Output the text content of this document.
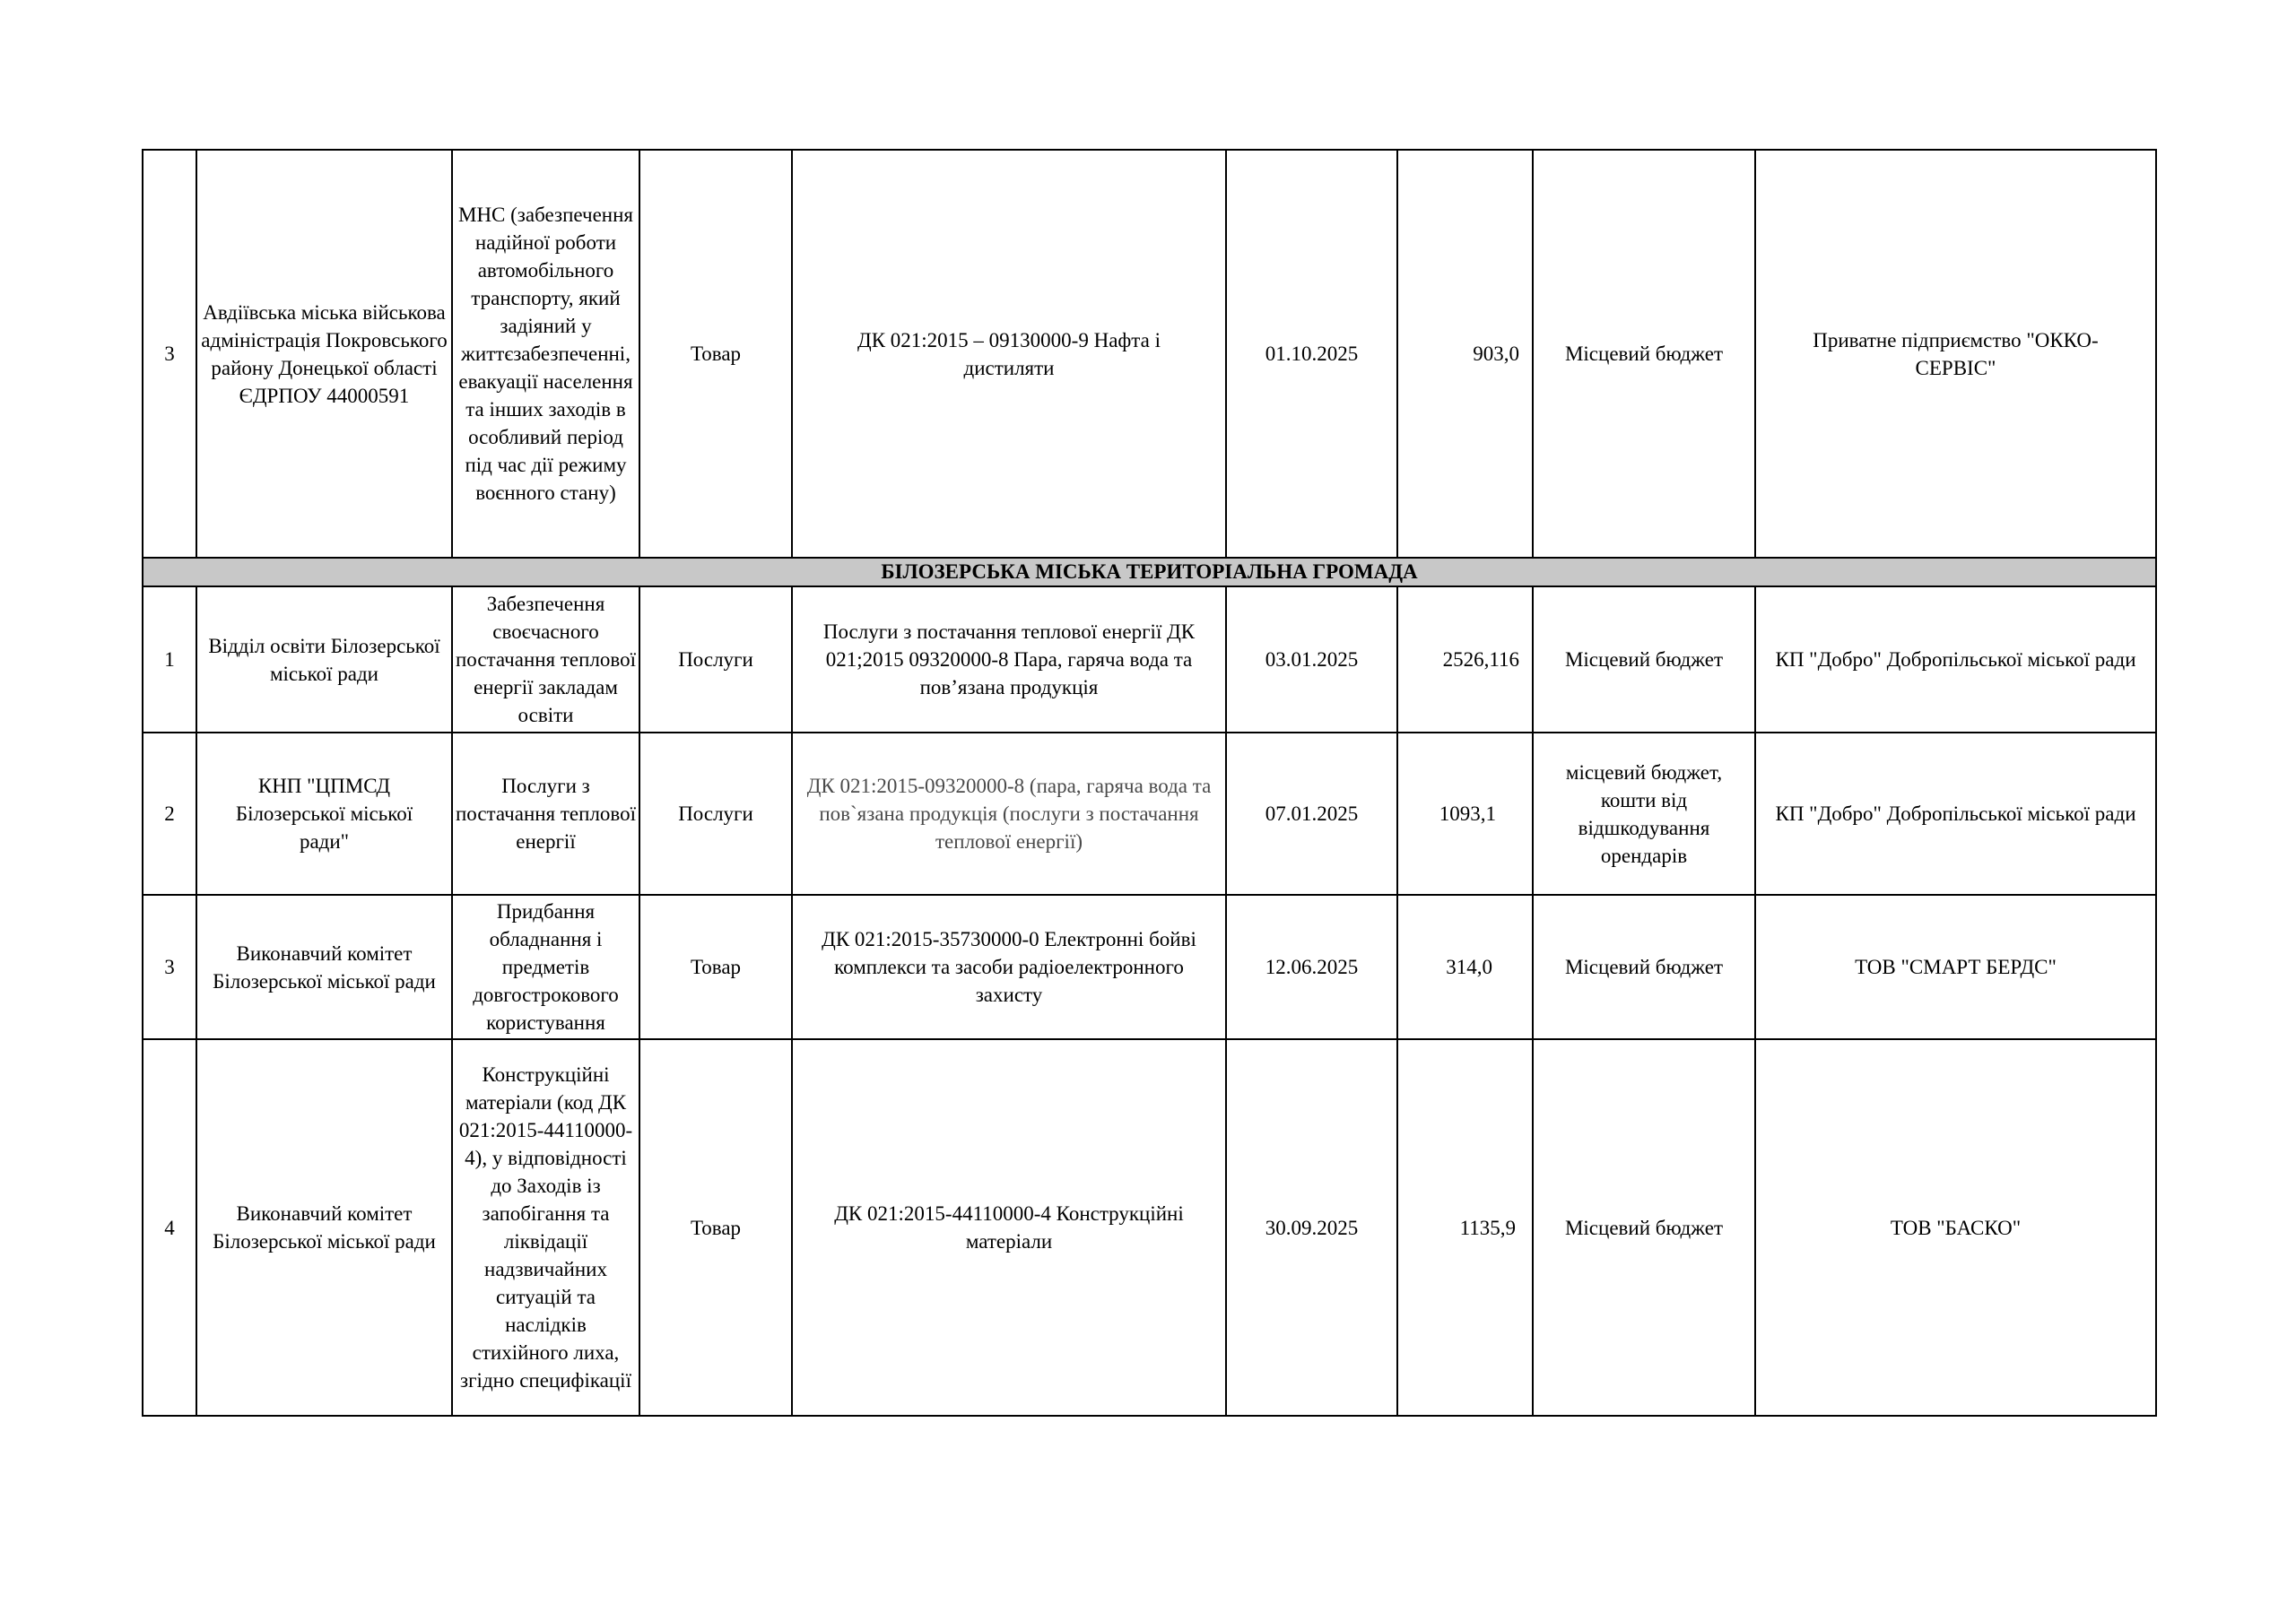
3	Авдіївська міська військова адміністрація Покровського району Донецької області ЄДРПОУ 44000591	МНС (забезпечення надійної роботи автомобільного транспорту, який задіяний у життєзабезпеченні, евакуації населення та інших заходів в особливий період під час дії режиму воєнного стану)	Товар	ДК 021:2015 – 09130000-9 Нафта і дистиляти	01.10.2025	903,0	Місцевий бюджет	Приватне підприємство "ОККО-СЕРВІС"
БІЛОЗЕРСЬКА МІСЬКА ТЕРИТОРІАЛЬНА ГРОМАДА								
1	Відділ освіти Білозерської міської ради	Забезпечення своєчасного постачання теплової енергії закладам освіти	Послуги	Послуги з постачання теплової енергії ДК 021;2015 09320000-8 Пара, гаряча вода та пов’язана продукція	03.01.2025	2526,116	Місцевий бюджет	КП "Добро" Добропільської міської ради
2	КНП "ЦПМСД Білозерської міської ради"	Послуги з постачання теплової енергії	Послуги	ДК 021:2015-09320000-8 (пара, гаряча вода та пов`язана продукція (послуги з постачання теплової енергії)	07.01.2025	1093,1	місцевий бюджет, кошти від відшкодування орендарів	КП "Добро" Добропільської міської ради
3	Виконавчий комітет Білозерської міської ради	Придбання обладнання і предметів довгострокового користування	Товар	ДК 021:2015-35730000-0 Електронні бойві комплекси та засоби радіоелектронного захисту	12.06.2025	314,0	Місцевий бюджет	ТОВ "СМАРТ БЕРДС"
4	Виконавчий комітет Білозерської міської ради	Конструкційні матеріали (код ДК 021:2015-44110000-4), у відповідності до Заходів із запобігання та ліквідації надзвичайних ситуацій та наслідків стихійного лиха, згідно специфікації	Товар	ДК 021:2015-44110000-4 Конструкційні матеріали	30.09.2025	1135,9	Місцевий бюджет	ТОВ "БАСКО"
